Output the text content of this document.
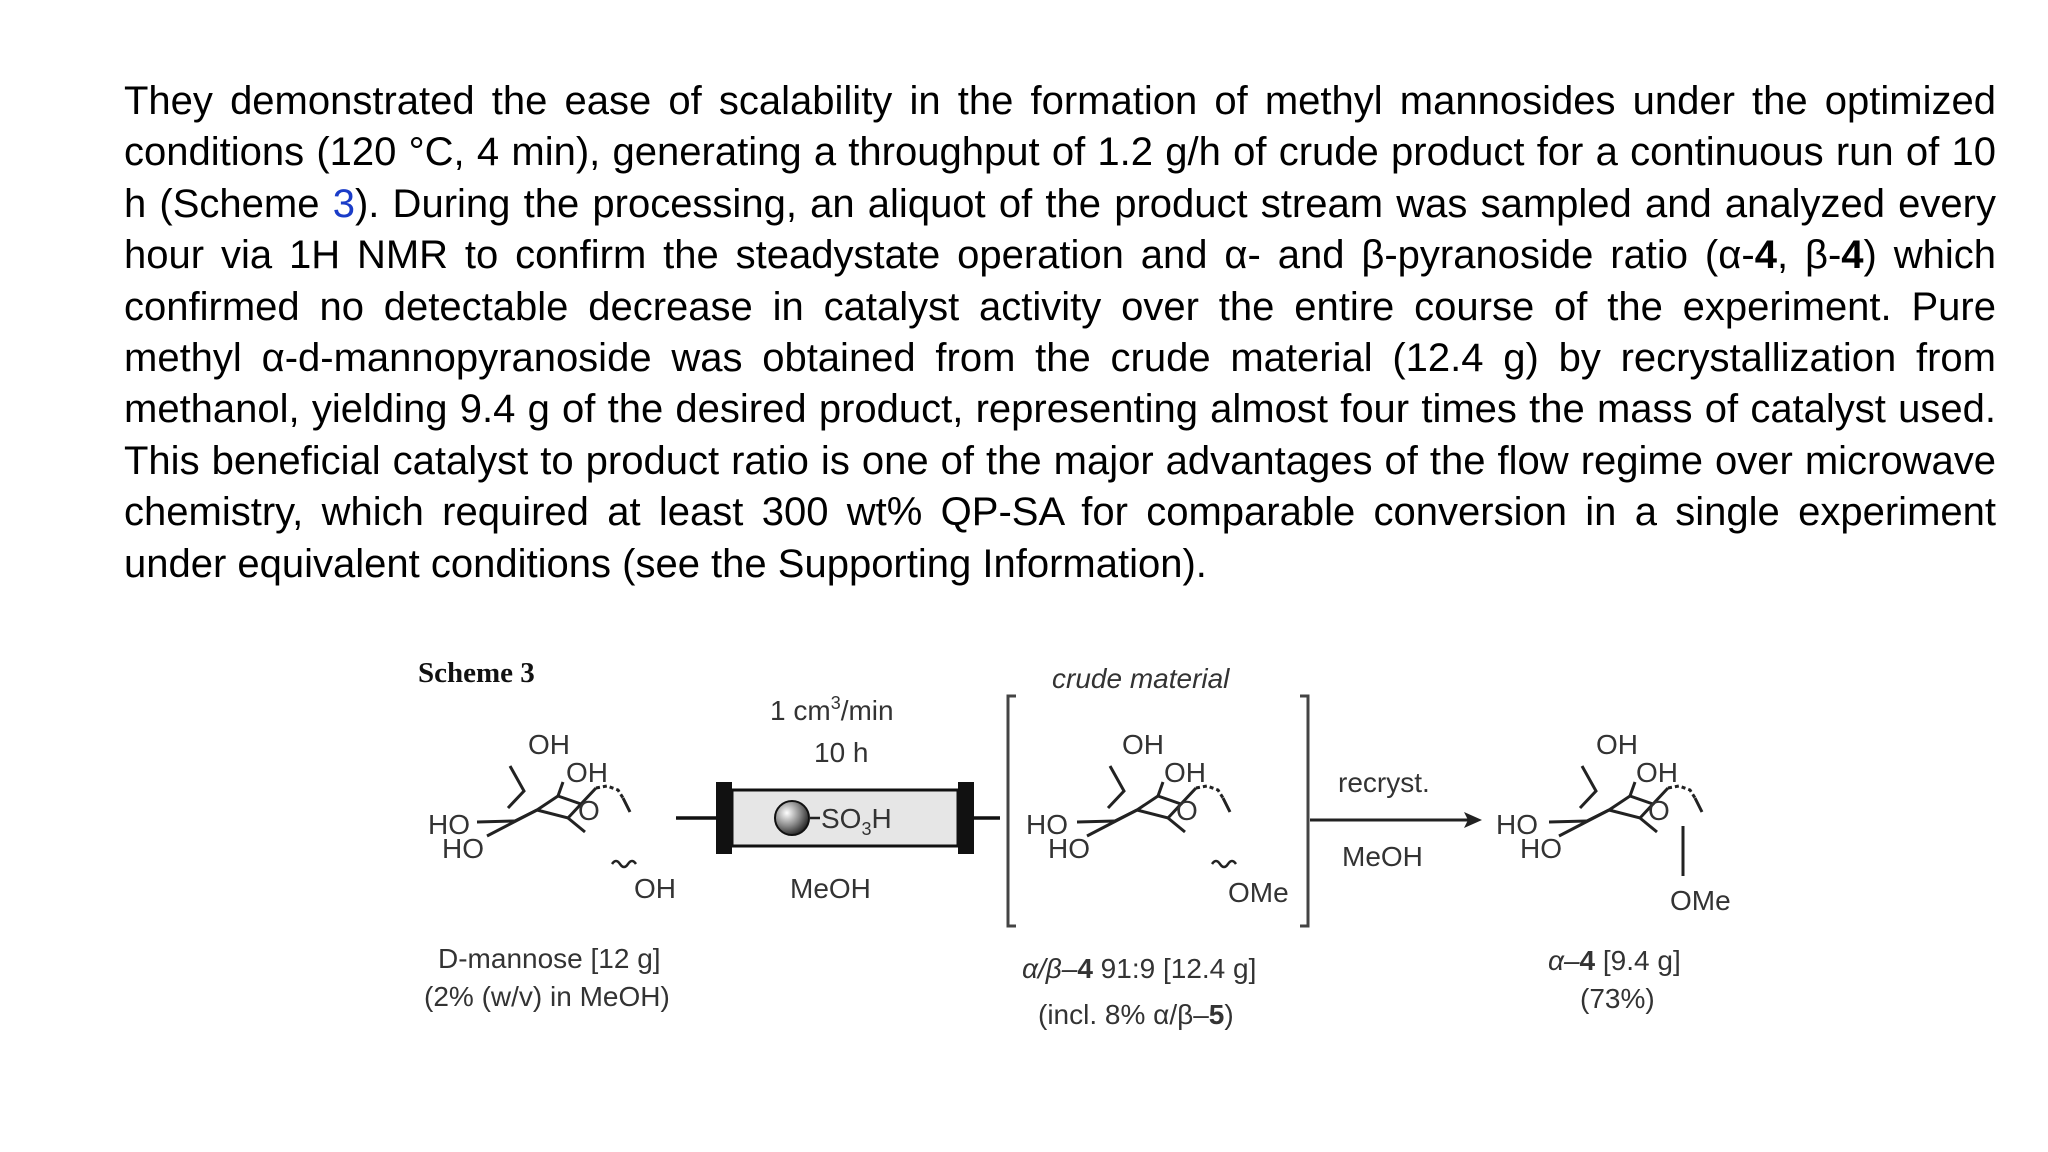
They demonstrated the ease of scalability in the formation of methyl mannosides under the optimized conditions (120 °C, 4 min), generating a throughput of 1.2 g/h of crude product for a continuous run of 10 h (Scheme 3). During the processing, an aliquot of the product stream was sampled and analyzed every hour via 1H NMR to confirm the steadystate operation and α- and β-pyranoside ratio (α-4, β-4) which confirmed no detectable decrease in catalyst activity over the entire course of the experiment. Pure methyl α-d-mannopyranoside was obtained from the crude material (12.4 g) by recrystallization from methanol, yielding 9.4 g of the desired product, representing almost four times the mass of catalyst used. This beneficial catalyst to product ratio is one of the major advantages of the flow regime over microwave chemistry, which required at least 300 wt% QP-SA for comparable conversion in a single experiment under equivalent conditions (see the Supporting Information).

Scheme 3
OH
OH
HO
HO
O
OH
D-mannose [12 g]
(2% (w/v) in MeOH)
1 $cm^3/\min$
10 h
$SO_3H$
MeOH
crude material
OH
OH
HO
HO
O
OMe
α/β–4 91:9 [12.4 g]
(incl. 8% α/β–5)
recryst.
MeOH
OH
OH
HO
HO
O
OMe
α–4 [9.4 g]
(73%)
